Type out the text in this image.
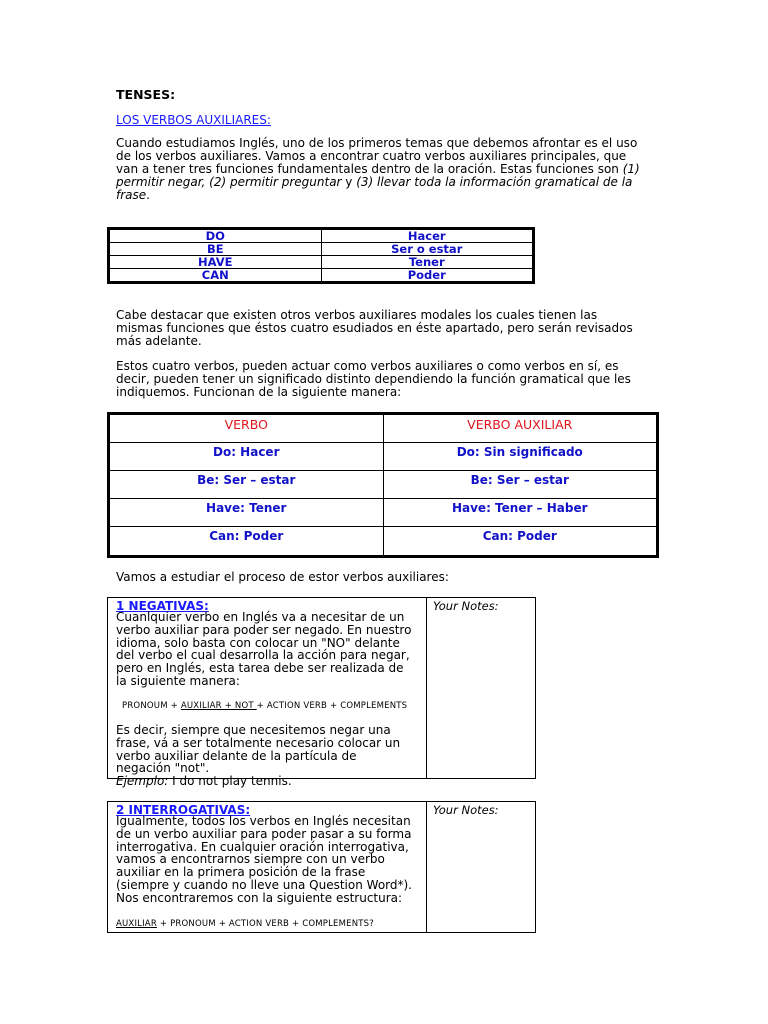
TENSES:
LOS VERBOS AUXILIARES:
Cuando estudiamos Inglés, uno de los primeros temas que debemos afrontar es el uso de los verbos auxiliares. Vamos a encontrar cuatro verbos auxiliares principales, que van a tener tres funciones fundamentales dentro de la oración. Estas funciones son (1) permitir negar, (2) permitir preguntar y (3) llevar toda la información gramatical de la frase.
DO	Hacer
BE	Ser o estar
HAVE	Tener
CAN	Poder
Cabe destacar que existen otros verbos auxiliares modales los cuales tienen las mismas funciones que éstos cuatro esudiados en éste apartado, pero serán revisados más adelante.
Estos cuatro verbos, pueden actuar como verbos auxiliares o como verbos en sí, es decir, pueden tener un significado distinto dependiendo la función gramatical que les indiquemos. Funcionan de la siguiente manera:
VERBO	VERBO AUXILIAR
Do: Hacer	Do: Sin significado
Be: Ser – estar	Be: Ser – estar
Have: Tener	Have: Tener – Haber
Can: Poder	Can: Poder
Vamos a estudiar el proceso de estor verbos auxiliares:
1 NEGATIVAS:
Cuanlquier verbo en Inglés va a necesitar de un verbo auxiliar para poder ser negado. En nuestro idioma, solo basta con colocar un "NO" delante del verbo el cual desarrolla la acción para negar, pero en Inglés, esta tarea debe ser realizada de la siguiente manera:
PRONOUM + AUXILIAR + NOT + ACTION VERB + COMPLEMENTS
Es decir, siempre que necesitemos negar una frase, vá a ser totalmente necesario colocar un verbo auxiliar delante de la partícula de negación "not".
Ejemplo: I do not play tennis.
Your Notes:
2 INTERROGATIVAS:
Igualmente, todos los verbos en Inglés necesitan de un verbo auxiliar para poder pasar a su forma interrogativa. En cualquier oración interrogativa, vamos a encontrarnos siempre con un verbo auxiliar en la primera posición de la frase (siempre y cuando no lleve una Question Word*). Nos encontraremos con la siguiente estructura:
AUXILIAR + PRONOUM + ACTION VERB + COMPLEMENTS?
Your Notes:
